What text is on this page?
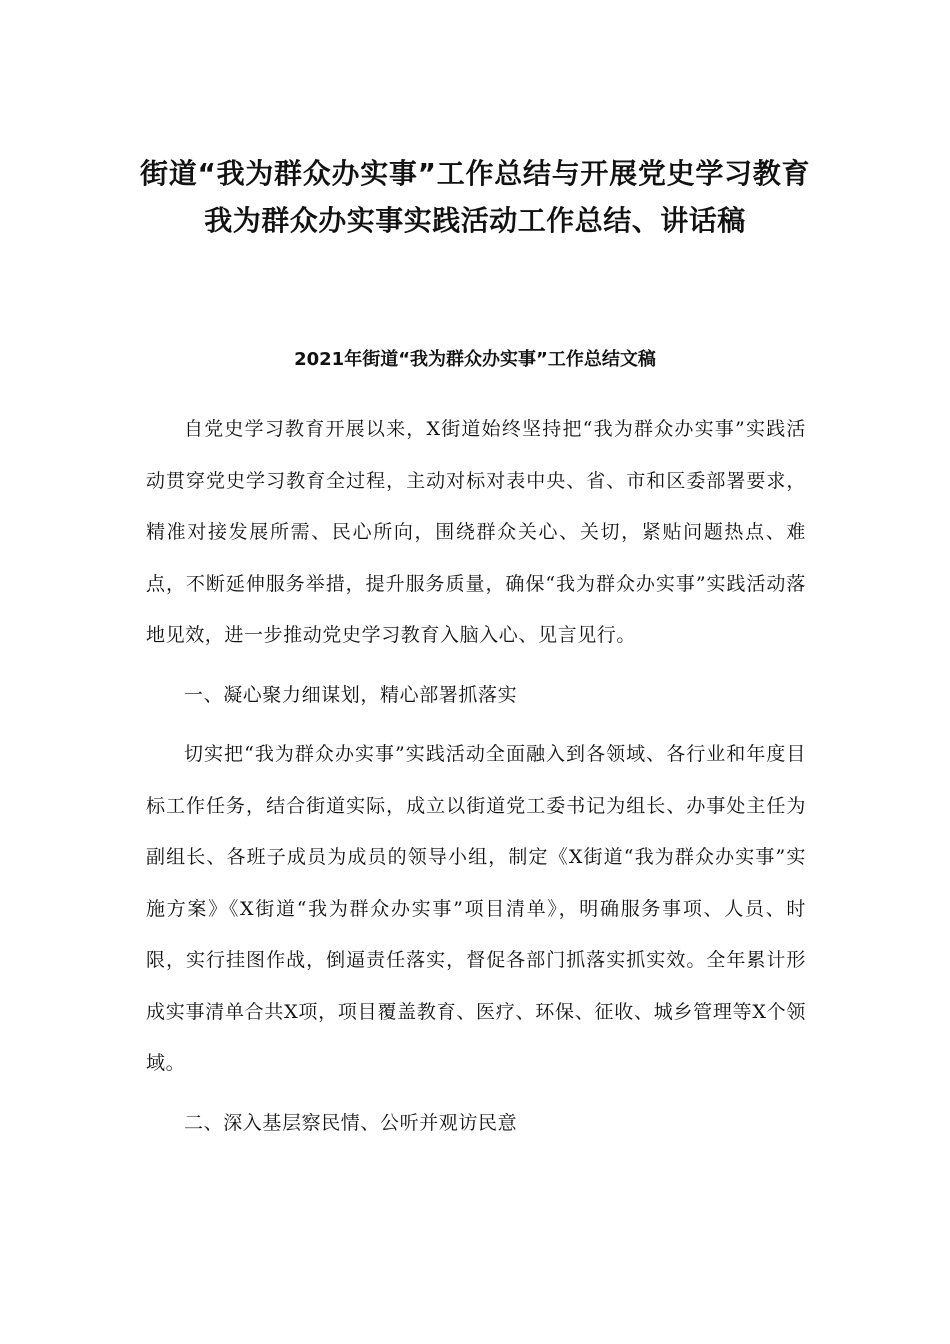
街道“我为群众办实事”工作总结与开展党史学习教育我为群众办实事实践活动工作总结、讲话稿
2021年街道“我为群众办实事”工作总结文稿

自党史学习教育开展以来，X街道始终坚持把“我为群众办实事”实践活动贯穿党史学习教育全过程，主动对标对表中央、省、市和区委部署要求，精准对接发展所需、民心所向，围绕群众关心、关切，紧贴问题热点、难点，不断延伸服务举措，提升服务质量，确保“我为群众办实事”实践活动落地见效，进一步推动党史学习教育入脑入心、见言见行。

一、凝心聚力细谋划，精心部署抓落实

切实把“我为群众办实事”实践活动全面融入到各领域、各行业和年度目标工作任务，结合街道实际，成立以街道党工委书记为组长、办事处主任为副组长、各班子成员为成员的领导小组，制定《X街道“我为群众办实事”实施方案》《X街道“我为群众办实事”项目清单》，明确服务事项、人员、时限，实行挂图作战，倒逼责任落实，督促各部门抓落实抓实效。全年累计形成实事清单合共X项，项目覆盖教育、医疗、环保、征收、城乡管理等X个领域。

二、深入基层察民情、公听并观访民意
